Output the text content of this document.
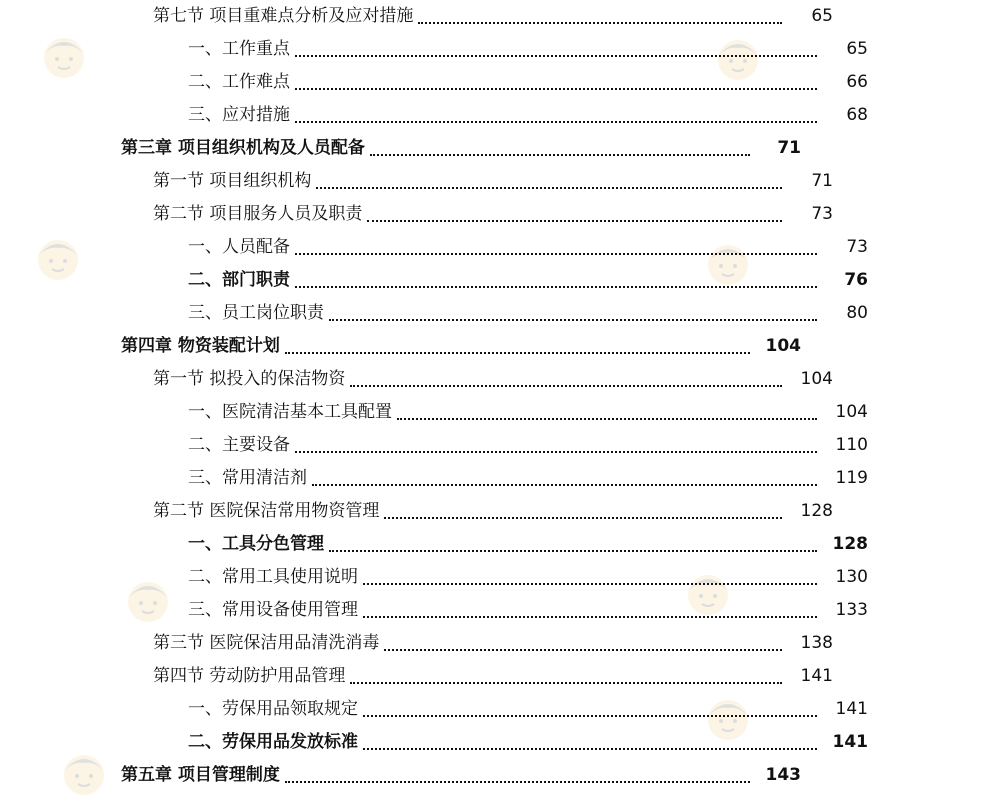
第七节 项目重难点分析及应对措施	65
一、工作重点	65
二、工作难点	66
三、应对措施	68
第三章 项目组织机构及人员配备	71
第一节 项目组织机构	71
第二节 项目服务人员及职责	73
一、人员配备	73
二、部门职责	76
三、员工岗位职责	80
第四章 物资装配计划	104
第一节 拟投入的保洁物资	104
一、医院清洁基本工具配置	104
二、主要设备	110
三、常用清洁剂	119
第二节 医院保洁常用物资管理	128
一、工具分色管理	128
二、常用工具使用说明	130
三、常用设备使用管理	133
第三节 医院保洁用品清洗消毒	138
第四节 劳动防护用品管理	141
一、劳保用品领取规定	141
二、劳保用品发放标准	141
第五章 项目管理制度	143
